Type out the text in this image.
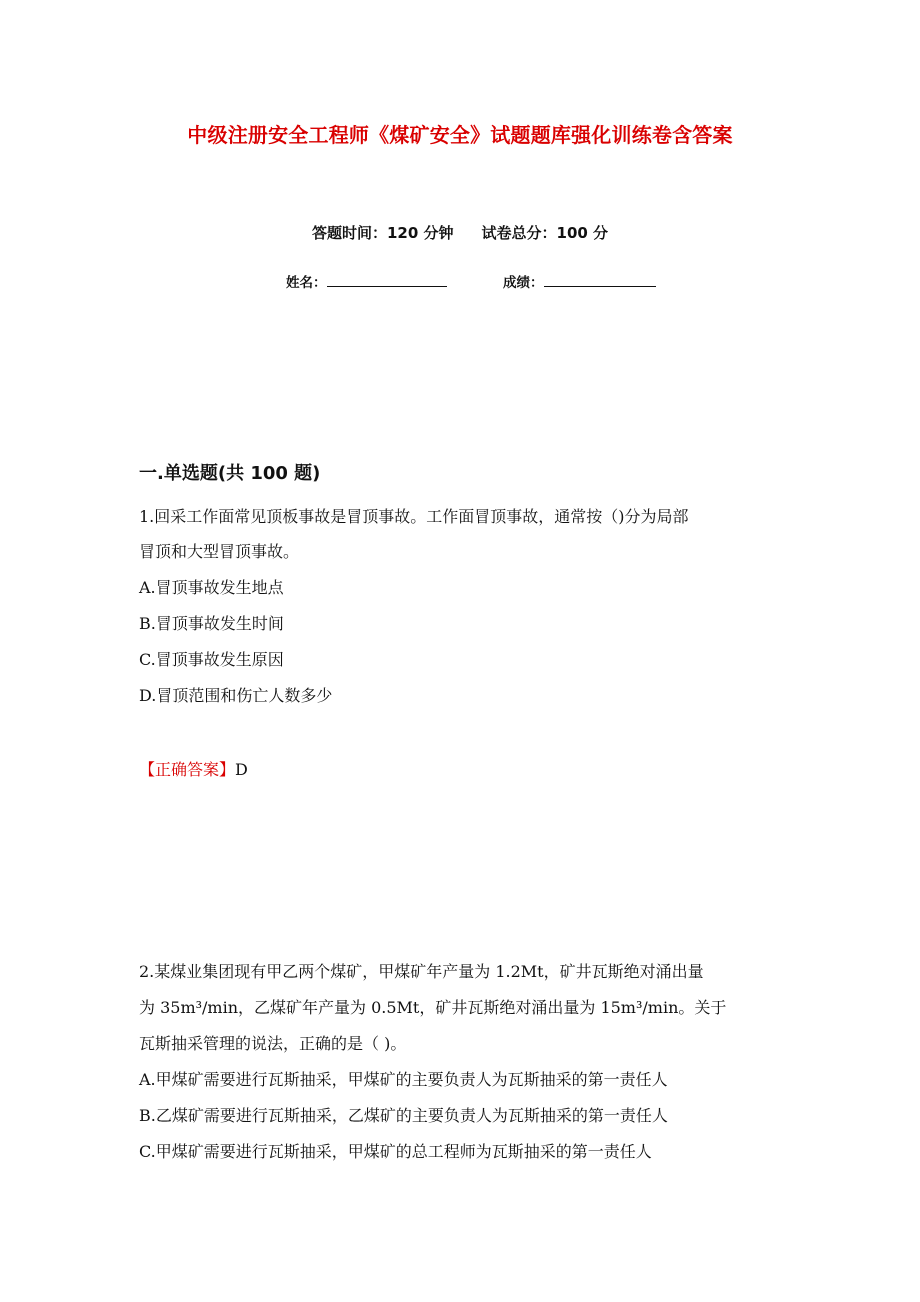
中级注册安全工程师《煤矿安全》试题题库强化训练卷含答案
答题时间：120 分钟 试卷总分：100 分
姓名：	成绩：
一.单选题(共 100 题)
1.回采工作面常见顶板事故是冒顶事故。工作面冒顶事故，通常按（)分为局部
冒顶和大型冒顶事故。
A.冒顶事故发生地点
B.冒顶事故发生时间
C.冒顶事故发生原因
D.冒顶范围和伤亡人数多少
【正确答案】D
2.某煤业集团现有甲乙两个煤矿，甲煤矿年产量为 1.2Mt，矿井瓦斯绝对涌出量
为 35m³/min，乙煤矿年产量为 0.5Mt，矿井瓦斯绝对涌出量为 15m³/min。关于
瓦斯抽采管理的说法，正确的是（ )。
A.甲煤矿需要进行瓦斯抽采，甲煤矿的主要负责人为瓦斯抽采的第一责任人
B.乙煤矿需要进行瓦斯抽采，乙煤矿的主要负责人为瓦斯抽采的第一责任人
C.甲煤矿需要进行瓦斯抽采，甲煤矿的总工程师为瓦斯抽采的第一责任人
